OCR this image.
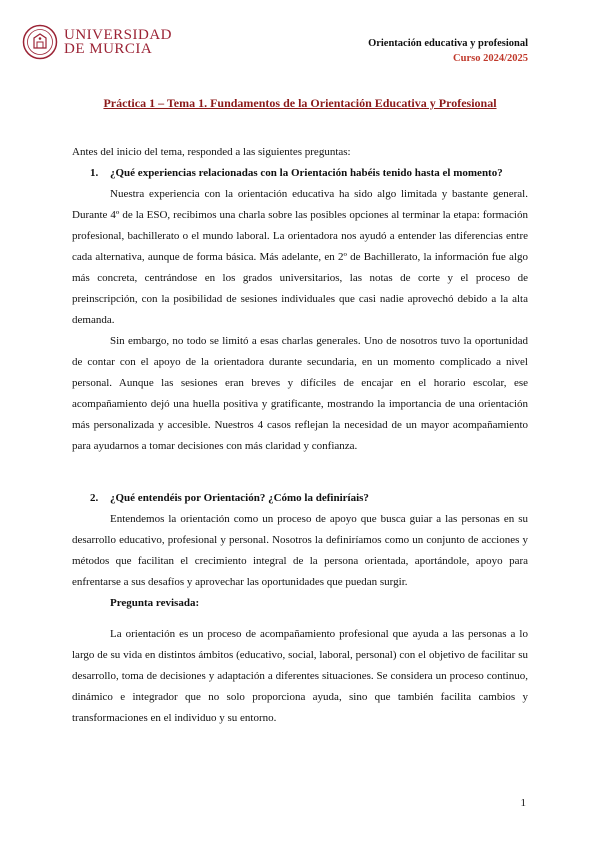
UNIVERSIDAD
DE MURCIA	Orientación educativa y profesional
Curso 2024/2025
Práctica 1 – Tema 1. Fundamentos de la Orientación Educativa y Profesional

Antes del inicio del tema, responded a las siguientes preguntas:

1.	¿Qué experiencias relacionadas con la Orientación habéis tenido hasta el momento?

Nuestra experiencia con la orientación educativa ha sido algo limitada y bastante general. Durante 4º de la ESO, recibimos una charla sobre las posibles opciones al terminar la etapa: formación profesional, bachillerato o el mundo laboral. La orientadora nos ayudó a entender las diferencias entre cada alternativa, aunque de forma básica. Más adelante, en 2º de Bachillerato, la información fue algo más concreta, centrándose en los grados universitarios, las notas de corte y el proceso de preinscripción, con la posibilidad de sesiones individuales que casi nadie aprovechó debido a la alta demanda.

Sin embargo, no todo se limitó a esas charlas generales. Uno de nosotros tuvo la oportunidad de contar con el apoyo de la orientadora durante secundaria, en un momento complicado a nivel personal. Aunque las sesiones eran breves y difíciles de encajar en el horario escolar, ese acompañamiento dejó una huella positiva y gratificante, mostrando la importancia de una orientación más personalizada y accesible. Nuestros 4 casos reflejan la necesidad de un mayor acompañamiento para ayudarnos a tomar decisiones con más claridad y confianza.

2.	¿Qué entendéis por Orientación? ¿Cómo la definiríais?

Entendemos la orientación como un proceso de apoyo que busca guiar a las personas en su desarrollo educativo, profesional y personal. Nosotros la definiríamos como un conjunto de acciones y métodos que facilitan el crecimiento integral de la persona orientada, aportándole, apoyo para enfrentarse a sus desafíos y aprovechar las oportunidades que puedan surgir.

Pregunta revisada:

La orientación es un proceso de acompañamiento profesional que ayuda a las personas a lo largo de su vida en distintos ámbitos (educativo, social, laboral, personal) con el objetivo de facilitar su desarrollo, toma de decisiones y adaptación a diferentes situaciones. Se considera un proceso continuo, dinámico e integrador que no solo proporciona ayuda, sino que también facilita cambios y transformaciones en el individuo y su entorno.

1
